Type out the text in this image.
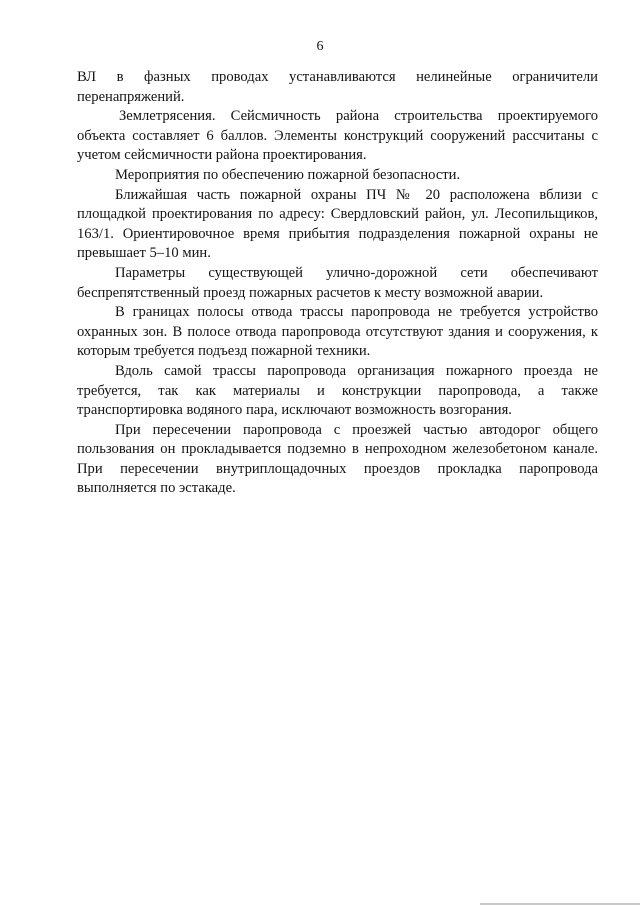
6

ВЛ в фазных проводах устанавливаются нелинейные ограничители перенапряжений.

Землетрясения. Сейсмичность района строительства проектируемого объекта составляет 6 баллов. Элементы конструкций сооружений рассчитаны с учетом сейсмичности района проектирования.

Мероприятия по обеспечению пожарной безопасности.

Ближайшая часть пожарной охраны ПЧ № 20 расположена вблизи с площадкой проектирования по адресу: Свердловский район, ул. Лесопильщиков, 163/1. Ориентировочное время прибытия подразделения пожарной охраны не превышает 5–10 мин.

Параметры существующей улично-дорожной сети обеспечивают беспрепятственный проезд пожарных расчетов к месту возможной аварии.

В границах полосы отвода трассы паропровода не требуется устройство охранных зон. В полосе отвода паропровода отсутствуют здания и сооружения, к которым требуется подъезд пожарной техники.

Вдоль самой трассы паропровода организация пожарного проезда не требуется, так как материалы и конструкции паропровода, а также транспортировка водяного пара, исключают возможность возгорания.

При пересечении паропровода с проезжей частью автодорог общего пользования он прокладывается подземно в непроходном железобетоном канале. При пересечении внутриплощадочных проездов прокладка паропровода выполняется по эстакаде.
